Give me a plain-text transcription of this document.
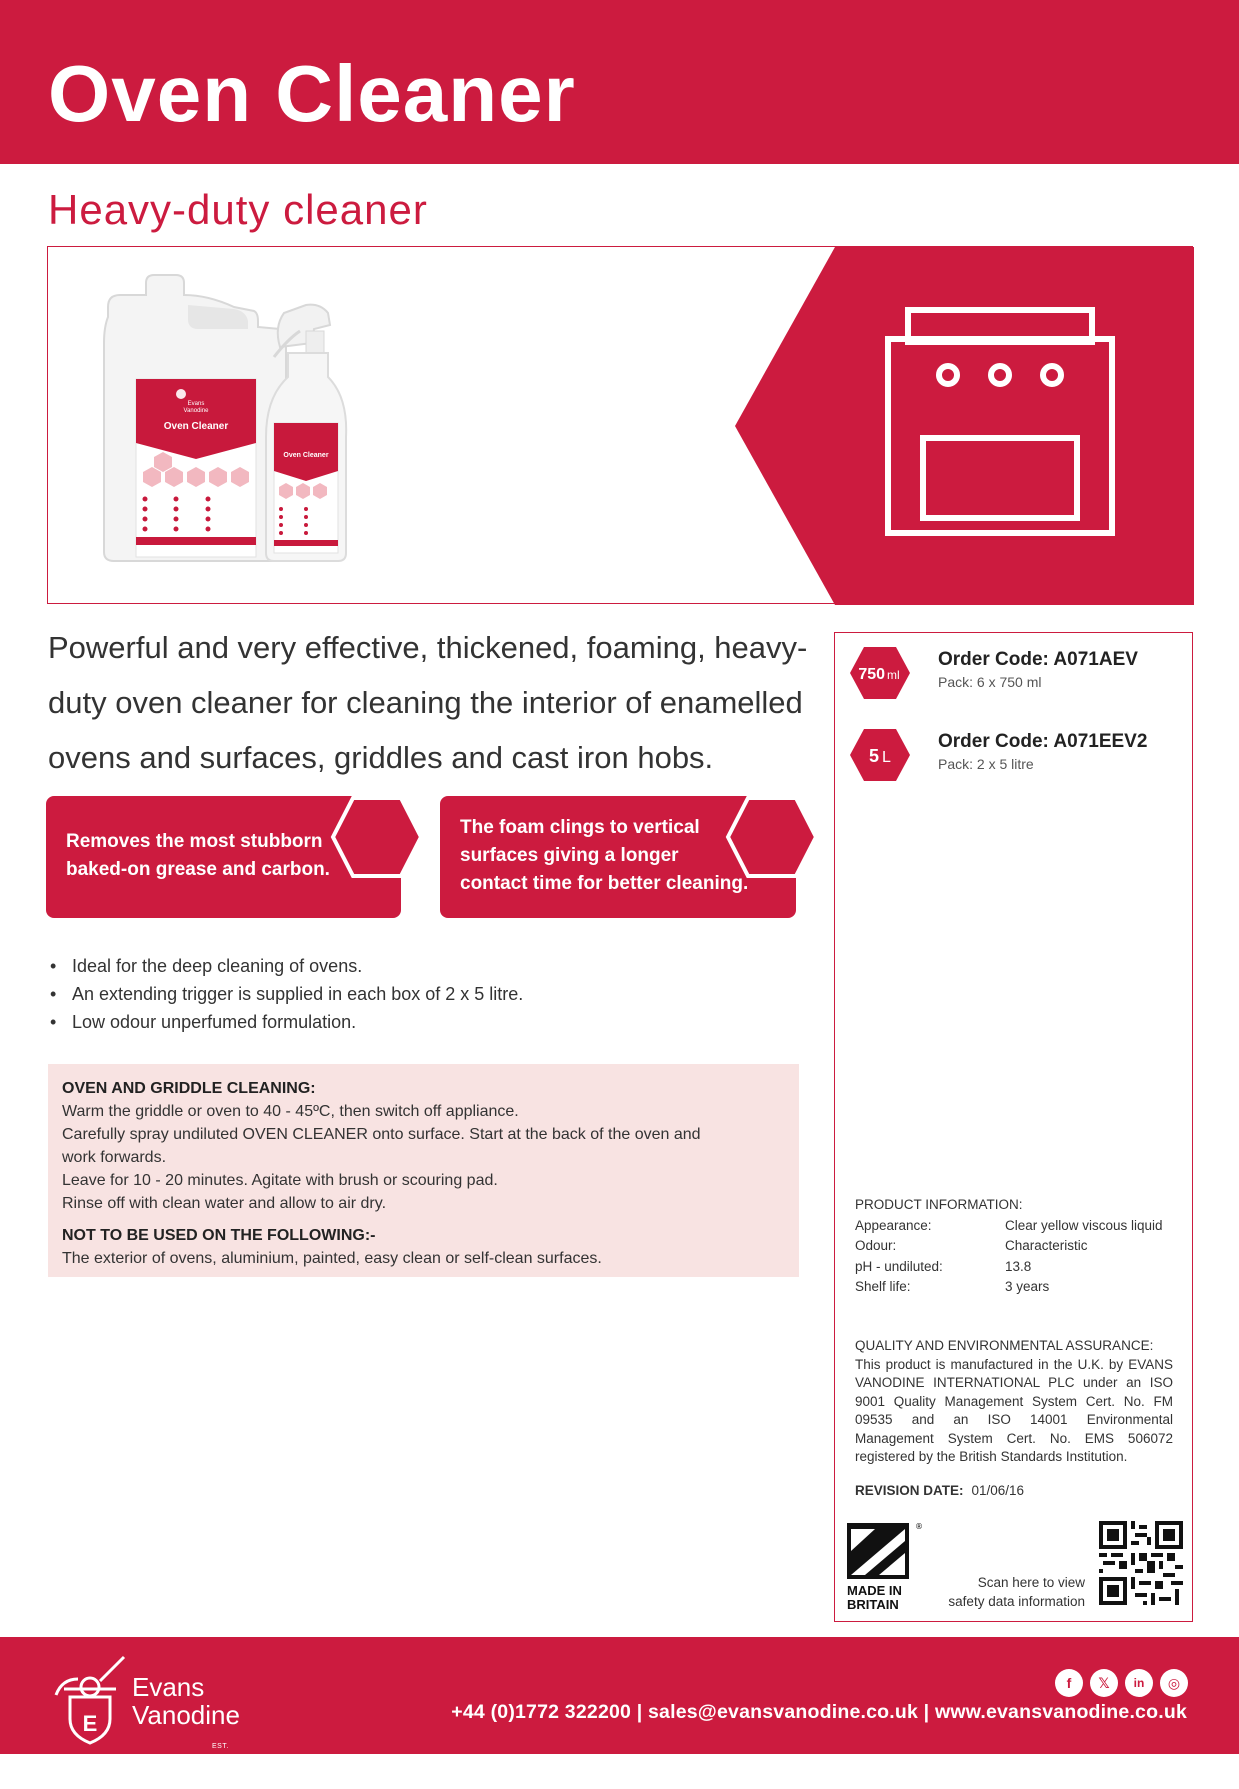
Oven Cleaner
Heavy-duty cleaner
Evans
Vanodine
Oven Cleaner
Oven Cleaner
Powerful and very effective, thickened, foaming, heavy-duty oven cleaner for cleaning the interior of enamelled ovens and surfaces, griddles and cast iron hobs.
Removes the most stubborn
baked-on grease and carbon.
The foam clings to vertical
surfaces giving a longer
contact time for better cleaning.
• Ideal for the deep cleaning of ovens.
• An extending trigger is supplied in each box of 2 x 5 litre.
• Low odour unperfumed formulation.
OVEN AND GRIDDLE CLEANING:
Warm the griddle or oven to 40 - 45ºC, then switch off appliance.
Carefully spray undiluted OVEN CLEANER onto surface. Start at the back of the oven and
work forwards.
Leave for 10 - 20 minutes. Agitate with brush or scouring pad.
Rinse off with clean water and allow to air dry.
NOT TO BE USED ON THE FOLLOWING:-
The exterior of ovens, aluminium, painted, easy clean or self-clean surfaces.
750 ml
Order Code: A071AEV
Pack: 6 x 750 ml
5 L
Order Code: A071EEV2
Pack: 2 x 5 litre
PRODUCT INFORMATION:
Appearance:	Clear yellow viscous liquid
Odour:	Characteristic
pH - undiluted:	13.8
Shelf life:	3 years
QUALITY AND ENVIRONMENTAL ASSURANCE:
This product is manufactured in the U.K. by EVANS VANODINE INTERNATIONAL PLC under an ISO 9001 Quality Management System Cert. No. FM 09535 and an ISO 14001 Environmental Management System Cert. No. EMS 506072 registered by the British Standards Institution.
REVISION DATE: 01/06/16
®
MADE IN
BRITAIN
Scan here to view
safety data information
E
Evans
Vanodine
EST. 1919
f	𝕏	in	◎
+44 (0)1772 322200 | sales@evansvanodine.co.uk | www.evansvanodine.co.uk
